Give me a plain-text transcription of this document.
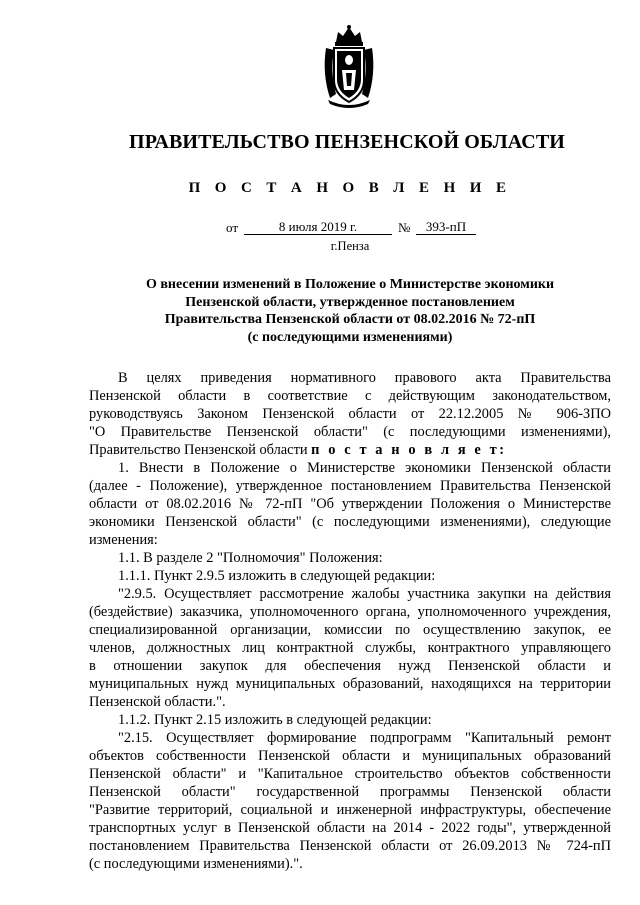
ПРАВИТЕЛЬСТВО ПЕНЗЕНСКОЙ ОБЛАСТИ
П О С Т А Н О В Л Е Н И Е
от	8 июля 2019 г.	№	393-пП
г.Пенза
О внесении изменений в Положение о Министерстве экономики
Пензенской области, утвержденное постановлением
Правительства Пензенской области от 08.02.2016 № 72-пП
(с последующими изменениями)
В целях приведения нормативного правового акта Правительства
Пензенской области в соответствие с действующим законодательством,
руководствуясь Законом Пензенской области от 22.12.2005 № 906-ЗПО
"О Правительстве Пензенской области" (с последующими изменениями),
Правительство Пензенской области п о с т а н о в л я е т:
1. Внести в Положение о Министерстве экономики Пензенской области
(далее - Положение), утвержденное постановлением Правительства Пензенской
области от 08.02.2016 № 72-пП "Об утверждении Положения о Министерстве
экономики Пензенской области" (с последующими изменениями), следующие
изменения:
1.1. В разделе 2 "Полномочия" Положения:
1.1.1. Пункт 2.9.5 изложить в следующей редакции:
"2.9.5. Осуществляет рассмотрение жалобы участника закупки на действия
(бездействие) заказчика, уполномоченного органа, уполномоченного учреждения,
специализированной организации, комиссии по осуществлению закупок, ее
членов, должностных лиц контрактной службы, контрактного управляющего
в отношении закупок для обеспечения нужд Пензенской области и
муниципальных нужд муниципальных образований, находящихся на территории
Пензенской области.".
1.1.2. Пункт 2.15 изложить в следующей редакции:
"2.15. Осуществляет формирование подпрограмм "Капитальный ремонт
объектов собственности Пензенской области и муниципальных образований
Пензенской области" и "Капитальное строительство объектов собственности
Пензенской области" государственной программы Пензенской области
"Развитие территорий, социальной и инженерной инфраструктуры, обеспечение
транспортных услуг в Пензенской области на 2014 - 2022 годы", утвержденной
постановлением Правительства Пензенской области от 26.09.2013 № 724-пП
(с последующими изменениями).".
